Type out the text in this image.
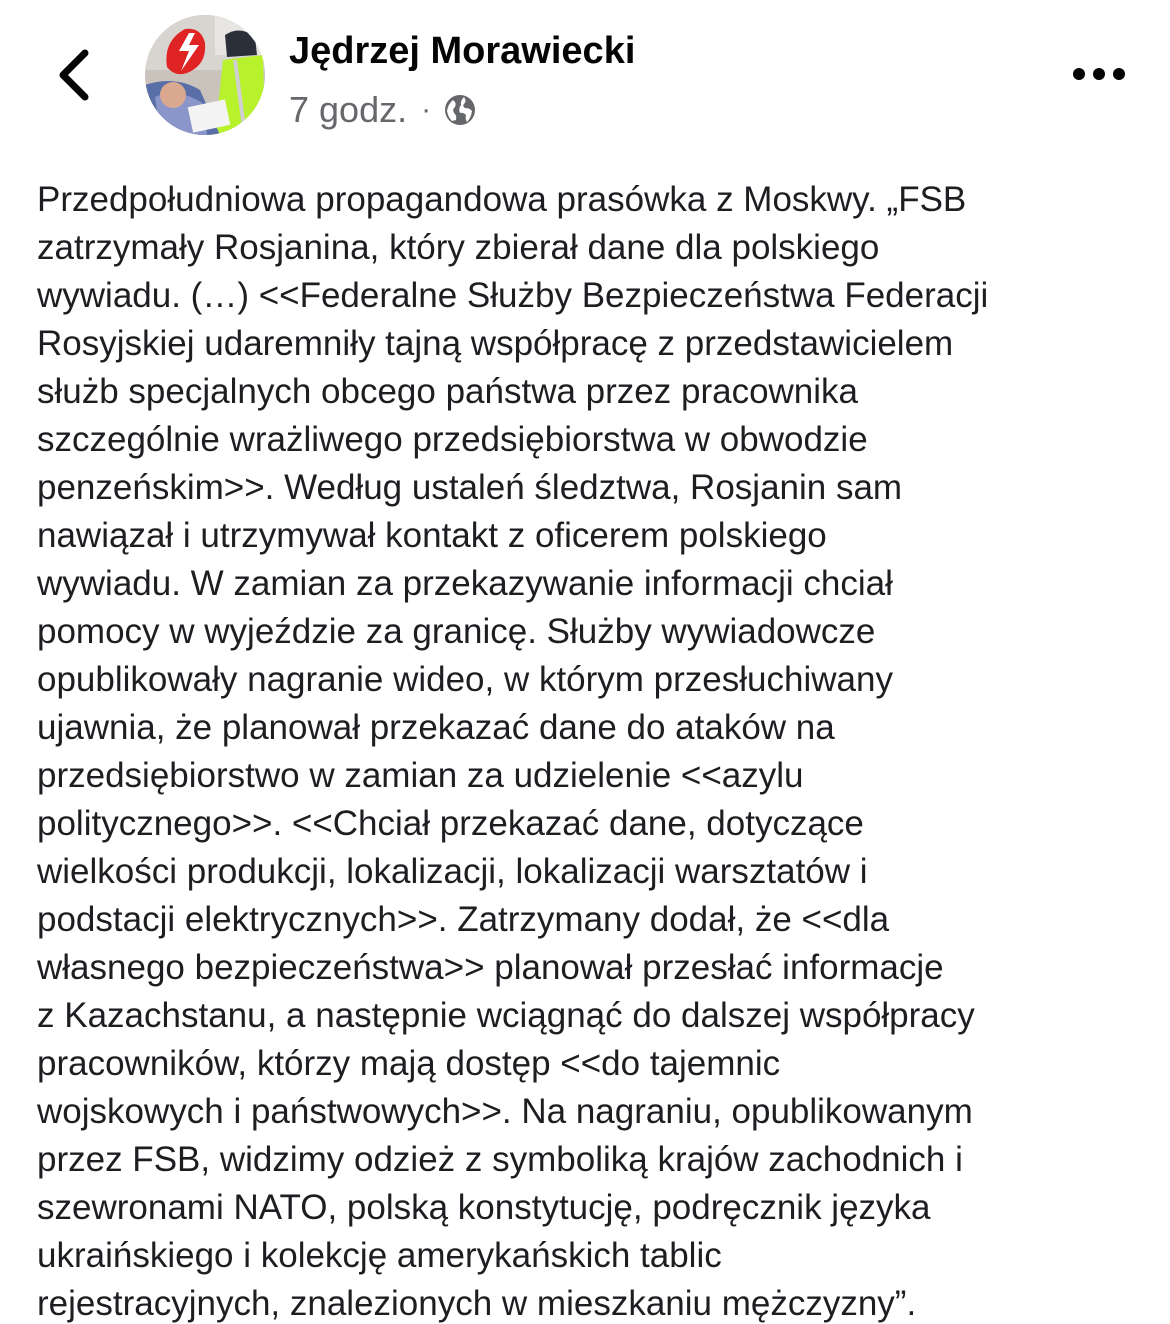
Jędrzej Morawiecki
7 godz. ·
Przedpołudniowa propagandowa prasówka z Moskwy. „FSB
zatrzymały Rosjanina, który zbierał dane dla polskiego
wywiadu. (…) <<Federalne Służby Bezpieczeństwa Federacji
Rosyjskiej udaremniły tajną współpracę z przedstawicielem
służb specjalnych obcego państwa przez pracownika
szczególnie wrażliwego przedsiębiorstwa w obwodzie
penzeńskim>>. Według ustaleń śledztwa, Rosjanin sam
nawiązał i utrzymywał kontakt z oficerem polskiego
wywiadu. W zamian za przekazywanie informacji chciał
pomocy w wyjeździe za granicę. Służby wywiadowcze
opublikowały nagranie wideo, w którym przesłuchiwany
ujawnia, że planował przekazać dane do ataków na
przedsiębiorstwo w zamian za udzielenie <<azylu
politycznego>>. <<Chciał przekazać dane, dotyczące
wielkości produkcji, lokalizacji, lokalizacji warsztatów i
podstacji elektrycznych>>. Zatrzymany dodał, że <<dla
własnego bezpieczeństwa>> planował przesłać informacje
z Kazachstanu, a następnie wciągnąć do dalszej współpracy
pracowników, którzy mają dostęp <<do tajemnic
wojskowych i państwowych>>. Na nagraniu, opublikowanym
przez FSB, widzimy odzież z symboliką krajów zachodnich i
szewronami NATO, polską konstytucję, podręcznik języka
ukraińskiego i kolekcję amerykańskich tablic
rejestracyjnych, znalezionych w mieszkaniu mężczyzny”.
